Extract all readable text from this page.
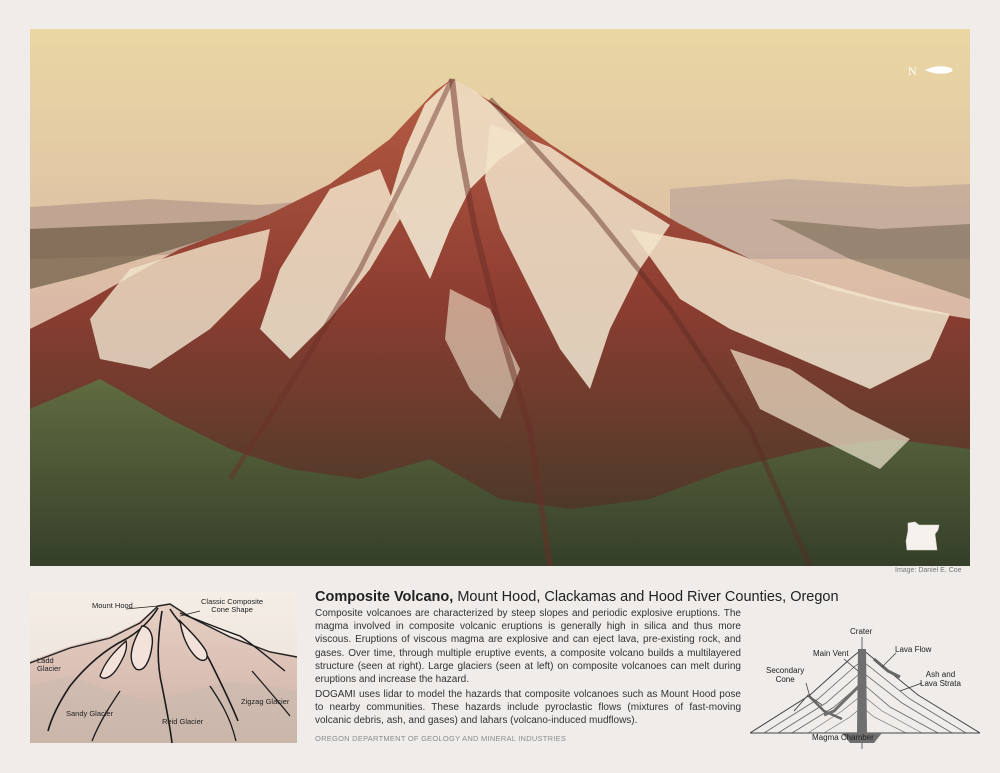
N
Image: Daniel E. Coe
Mount Hood	Classic Composite
Cone Shape
Ladd
Glacier
Sandy Glacier
Reid Glacier
Zigzag Glacier
Composite Volcano, Mount Hood, Clackamas and Hood River Counties, Oregon
Composite volcanoes are characterized by steep slopes and periodic explosive eruptions. The magma involved in composite volcanic eruptions is generally high in silica and thus more viscous. Eruptions of viscous magma are explosive and can eject lava, pre-existing rock, and gases. Over time, through multiple eruptive events, a composite volcano builds a multilayered structure (seen at right). Large glaciers (seen at left) on composite volcanoes can melt during eruptions and increase the hazard.
DOGAMI uses lidar to model the hazards that composite volcanoes such as Mount Hood pose to nearby communities. These hazards include pyroclastic flows (mixtures of fast-moving volcanic debris, ash, and gases) and lahars (volcano-induced mudflows).
OREGON DEPARTMENT OF GEOLOGY AND MINERAL INDUSTRIES
Crater
Main Vent	Lava Flow
Secondary
Cone
Ash and
Lava Strata
Magma Chamber
